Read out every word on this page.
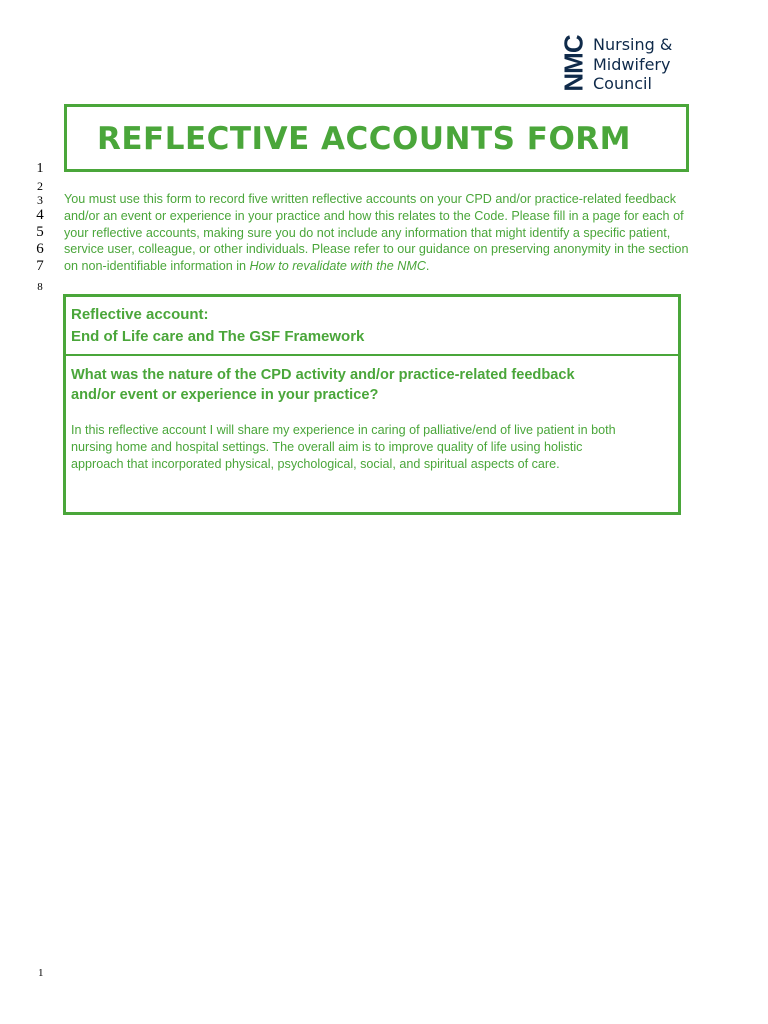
NMC Nursing &
Midwifery
Council
REFLECTIVE ACCOUNTS FORM
1
2
3
4
5
6
7
8

You must use this form to record five written reflective accounts on your CPD and/or practice-related feedback and/or an event or experience in your practice and how this relates to the Code. Please fill in a page for each of your reflective accounts, making sure you do not include any information that might identify a specific patient, service user, colleague, or other individuals. Please refer to our guidance on preserving anonymity in the section on non-identifiable information in How to revalidate with the NMC.

Reflective account:
End of Life care and The GSF Framework

What was the nature of the CPD activity and/or practice-related feedback
and/or event or experience in your practice?

In this reflective account I will share my experience in caring of palliative/end of live patient in both
nursing home and hospital settings. The overall aim is to improve quality of life using holistic
approach that incorporated physical, psychological, social, and spiritual aspects of care.

1
